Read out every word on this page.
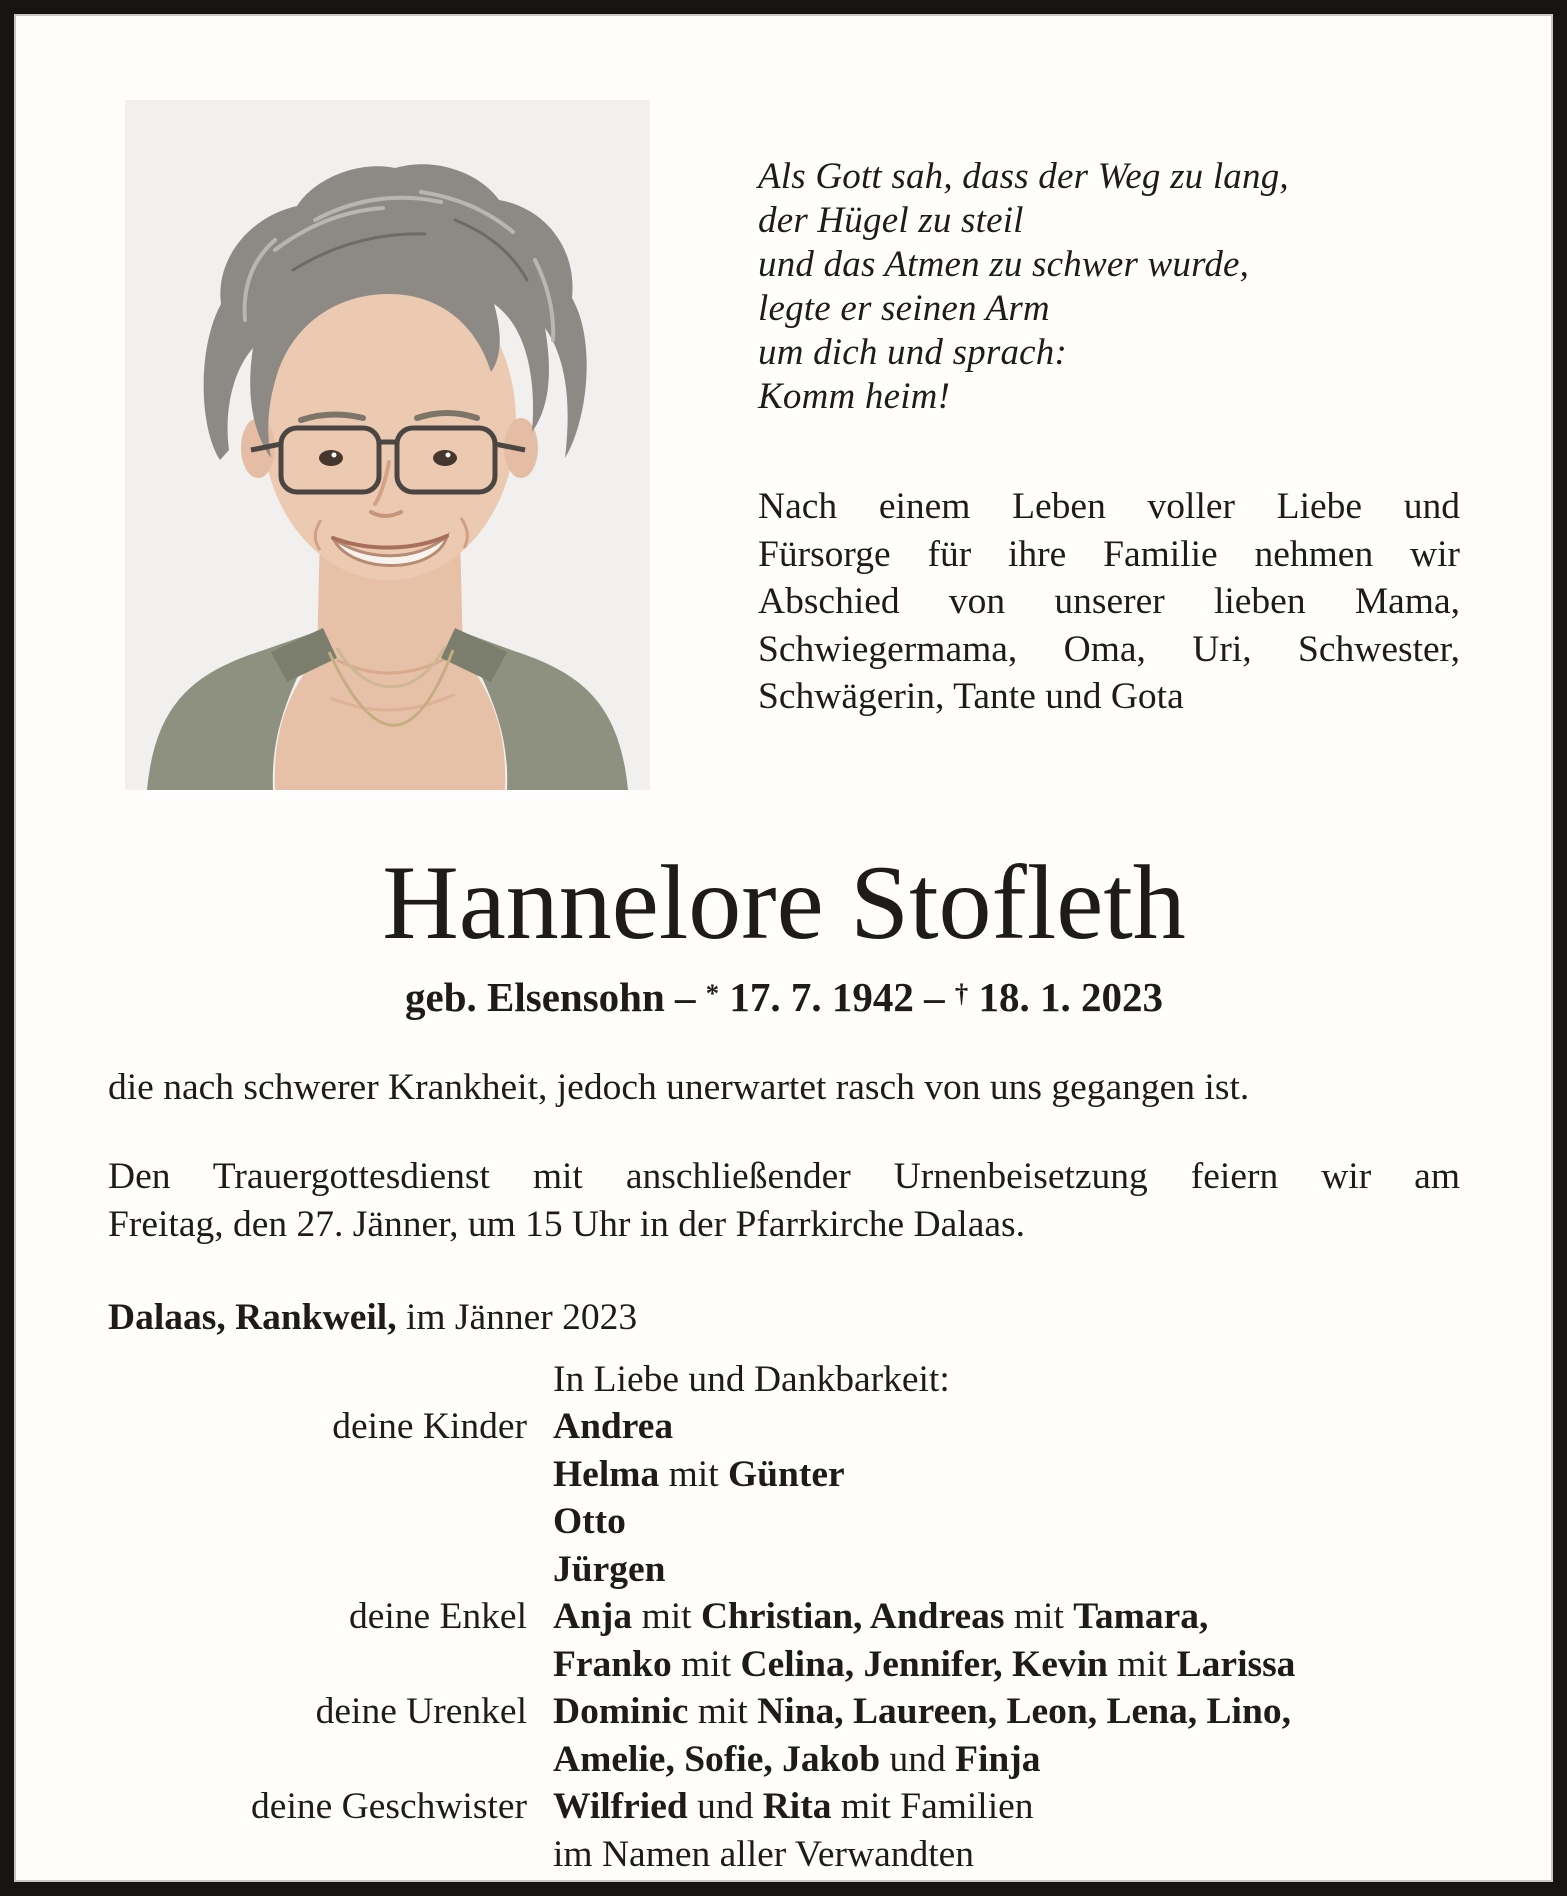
Als Gott sah, dass der Weg zu lang,
der Hügel zu steil
und das Atmen zu schwer wurde,
legte er seinen Arm
um dich und sprach:
Komm heim!
Nach einem Leben voller Liebe und
Fürsorge für ihre Familie nehmen wir
Abschied von unserer lieben Mama,
Schwiegermama, Oma, Uri, Schwester,
Schwägerin, Tante und Gota
Hannelore Stofleth
geb. Elsensohn – * 17. 7. 1942 – † 18. 1. 2023
die nach schwerer Krankheit, jedoch unerwartet rasch von uns gegangen ist.
Den Trauergottesdienst mit anschließender Urnenbeisetzung feiern wir am
Freitag, den 27. Jänner, um 15 Uhr in der Pfarrkirche Dalaas.
Dalaas, Rankweil, im Jänner 2023
In Liebe und Dankbarkeit:
deine Kinder Andrea
Helma mit Günter
Otto
Jürgen
deine Enkel Anja mit Christian, Andreas mit Tamara,
Franko mit Celina, Jennifer, Kevin mit Larissa
deine Urenkel Dominic mit Nina, Laureen, Leon, Lena, Lino,
Amelie, Sofie, Jakob und Finja
deine Geschwister Wilfried und Rita mit Familien
im Namen aller Verwandten
